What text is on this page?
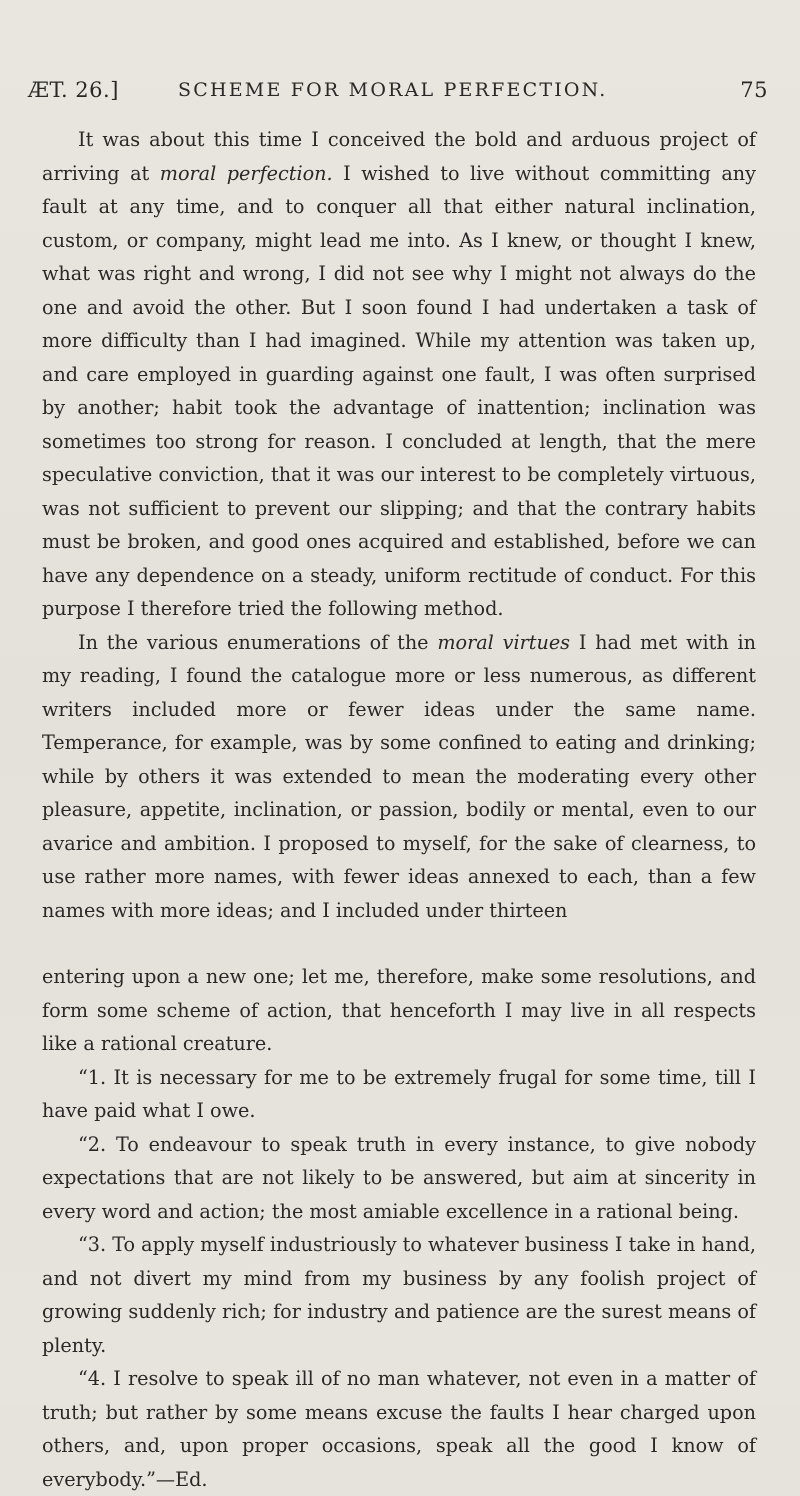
ÆT. 26.]	SCHEME FOR MORAL PERFECTION.	75

It was about this time I conceived the bold and arduous project of arriving at moral perfection. I wished to live without committing any fault at any time, and to conquer all that either natural inclination, custom, or company, might lead me into. As I knew, or thought I knew, what was right and wrong, I did not see why I might not always do the one and avoid the other. But I soon found I had undertaken a task of more difficulty than I had imagined. While my attention was taken up, and care employed in guarding against one fault, I was often surprised by another; habit took the advantage of inattention; inclination was sometimes too strong for reason. I concluded at length, that the mere speculative conviction, that it was our interest to be completely virtuous, was not sufficient to prevent our slipping; and that the contrary habits must be broken, and good ones acquired and established, before we can have any dependence on a steady, uniform rectitude of conduct. For this purpose I therefore tried the following method.

In the various enumerations of the moral virtues I had met with in my reading, I found the catalogue more or less numerous, as different writers included more or fewer ideas under the same name. Temperance, for example, was by some confined to eating and drinking; while by others it was extended to mean the moderating every other pleasure, appetite, inclination, or passion, bodily or mental, even to our avarice and ambition. I proposed to myself, for the sake of clearness, to use rather more names, with fewer ideas annexed to each, than a few names with more ideas; and I included under thirteen

entering upon a new one; let me, therefore, make some resolutions, and form some scheme of action, that henceforth I may live in all respects like a rational creature.

“1. It is necessary for me to be extremely frugal for some time, till I have paid what I owe.

“2. To endeavour to speak truth in every instance, to give nobody expectations that are not likely to be answered, but aim at sincerity in every word and action; the most amiable excellence in a rational being.

“3. To apply myself industriously to whatever business I take in hand, and not divert my mind from my business by any foolish project of growing suddenly rich; for industry and patience are the surest means of plenty.

“4. I resolve to speak ill of no man whatever, not even in a matter of truth; but rather by some means excuse the faults I hear charged upon others, and, upon proper occasions, speak all the good I know of everybody.”—Ed.
